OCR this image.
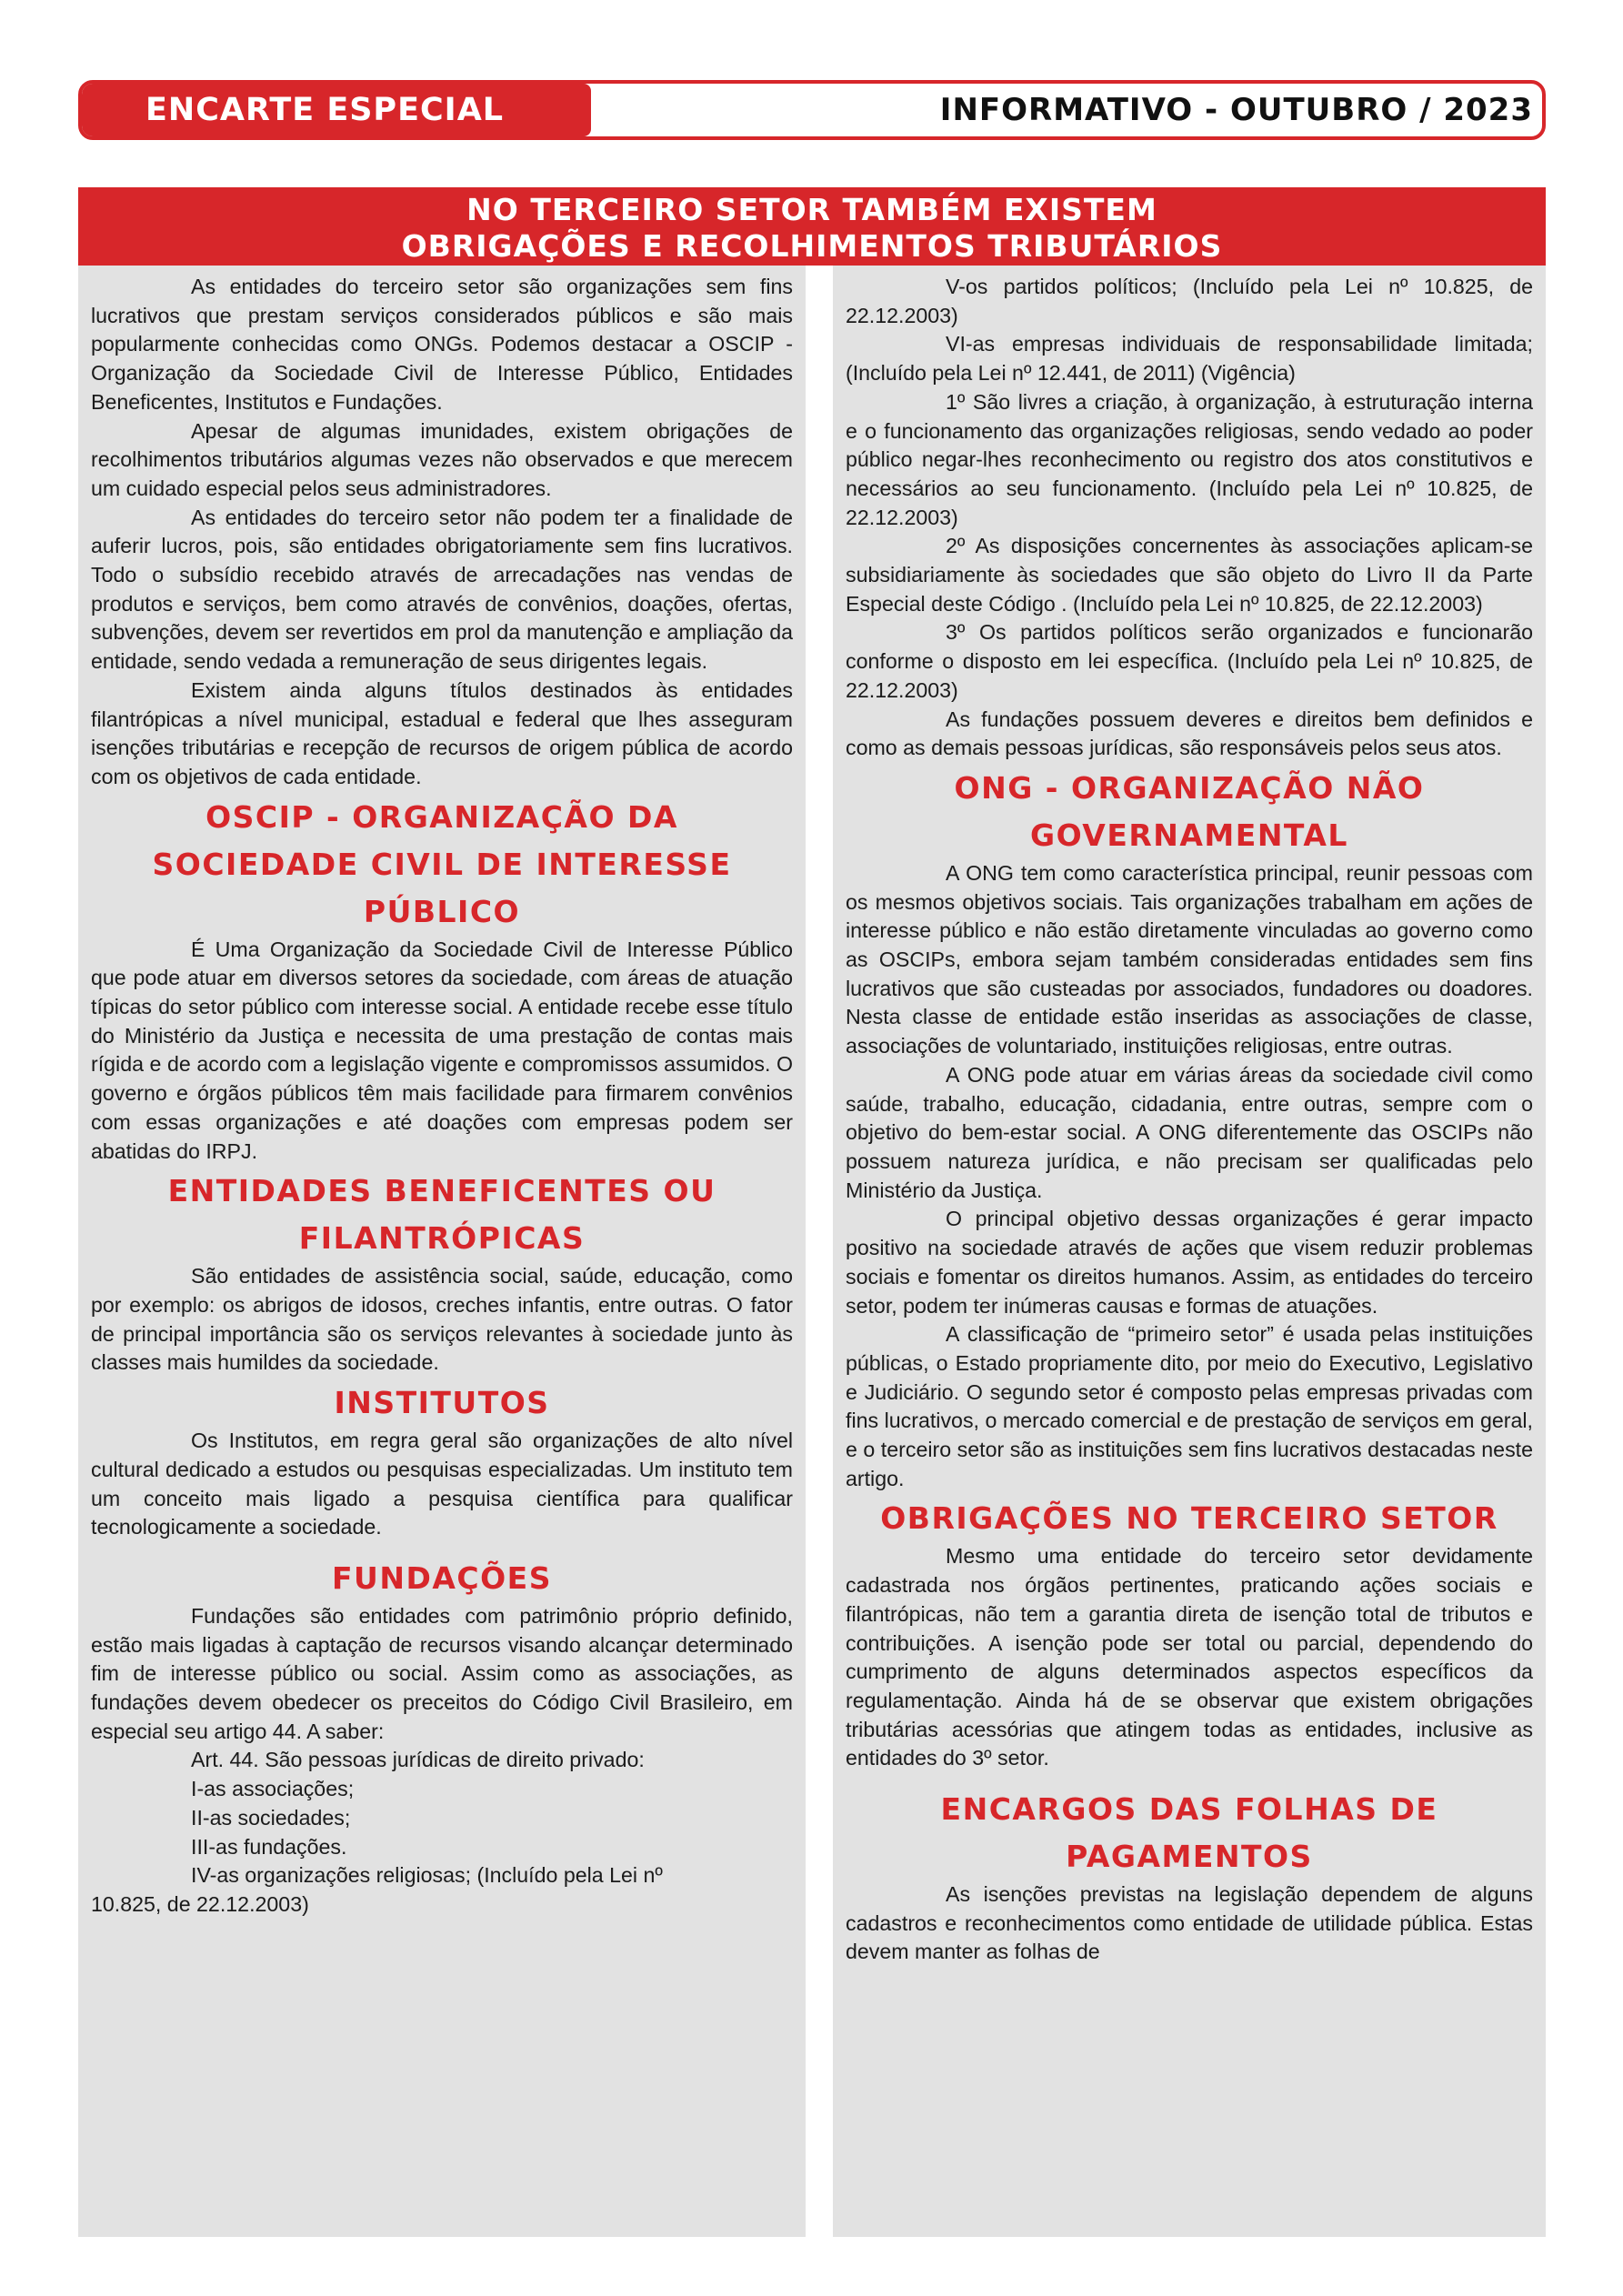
ENCARTE ESPECIAL	INFORMATIVO - OUTUBRO / 2023
NO TERCEIRO SETOR TAMBÉM EXISTEM
OBRIGAÇÕES E RECOLHIMENTOS TRIBUTÁRIOS

As entidades do terceiro setor são organizações sem fins lucrativos que prestam serviços considerados públicos e são mais popularmente conhecidas como ONGs. Podemos destacar a OSCIP - Organização da Sociedade Civil de Interesse Público, Entidades Beneficentes, Institutos e Fundações.

Apesar de algumas imunidades, existem obrigações de recolhimentos tributários algumas vezes não observados e que merecem um cuidado especial pelos seus administradores.

As entidades do terceiro setor não podem ter a finalidade de auferir lucros, pois, são entidades obrigatoriamente sem fins lucrativos. Todo o subsídio recebido através de arrecadações nas vendas de produtos e serviços, bem como através de convênios, doações, ofertas, subvenções, devem ser revertidos em prol da manutenção e ampliação da entidade, sendo vedada a remuneração de seus dirigentes legais.

Existem ainda alguns títulos destinados às entidades filantrópicas a nível municipal, estadual e federal que lhes asseguram isenções tributárias e recepção de recursos de origem pública de acordo com os objetivos de cada entidade.

OSCIP - ORGANIZAÇÃO DA
SOCIEDADE CIVIL DE INTERESSE
PÚBLICO

É Uma Organização da Sociedade Civil de Interesse Público que pode atuar em diversos setores da sociedade, com áreas de atuação típicas do setor público com interesse social. A entidade recebe esse título do Ministério da Justiça e necessita de uma prestação de contas mais rígida e de acordo com a legislação vigente e compromissos assumidos. O governo e órgãos públicos têm mais facilidade para firmarem convênios com essas organizações e até doações com empresas podem ser abatidas do IRPJ.

ENTIDADES BENEFICENTES OU
FILANTRÓPICAS

São entidades de assistência social, saúde, educação, como por exemplo: os abrigos de idosos, creches infantis, entre outras. O fator de principal importância são os serviços relevantes à sociedade junto às classes mais humildes da sociedade.

INSTITUTOS

Os Institutos, em regra geral são organizações de alto nível cultural dedicado a estudos ou pesquisas especializadas. Um instituto tem um conceito mais ligado a pesquisa científica para qualificar tecnologicamente a sociedade.

FUNDAÇÕES

Fundações são entidades com patrimônio próprio definido, estão mais ligadas à captação de recursos visando alcançar determinado fim de interesse público ou social. Assim como as associações, as fundações devem obedecer os preceitos do Código Civil Brasileiro, em especial seu artigo 44. A saber:

Art. 44. São pessoas jurídicas de direito privado:

I-as associações;

II-as sociedades;

III-as fundações.

IV-as organizações religiosas; (Incluído pela Lei nº

10.825, de 22.12.2003)

V-os partidos políticos; (Incluído pela Lei nº 10.825, de 22.12.2003)

VI-as empresas individuais de responsabilidade limitada; (Incluído pela Lei nº 12.441, de 2011) (Vigência)

1º São livres a criação, à organização, à estruturação interna e o funcionamento das organizações religiosas, sendo vedado ao poder público negar-lhes reconhecimento ou registro dos atos constitutivos e necessários ao seu funcionamento. (Incluído pela Lei nº 10.825, de 22.12.2003)

2º As disposições concernentes às associações aplicam-se subsidiariamente às sociedades que são objeto do Livro II da Parte Especial deste Código . (Incluído pela Lei nº 10.825, de 22.12.2003)

3º Os partidos políticos serão organizados e funcionarão conforme o disposto em lei específica. (Incluído pela Lei nº 10.825, de 22.12.2003)

As fundações possuem deveres e direitos bem definidos e como as demais pessoas jurídicas, são responsáveis pelos seus atos.

ONG - ORGANIZAÇÃO NÃO
GOVERNAMENTAL

A ONG tem como característica principal, reunir pessoas com os mesmos objetivos sociais. Tais organizações trabalham em ações de interesse público e não estão diretamente vinculadas ao governo como as OSCIPs, embora sejam também consideradas entidades sem fins lucrativos que são custeadas por associados, fundadores ou doadores. Nesta classe de entidade estão inseridas as associações de classe, associações de voluntariado, instituições religiosas, entre outras.

A ONG pode atuar em várias áreas da sociedade civil como saúde, trabalho, educação, cidadania, entre outras, sempre com o objetivo do bem-estar social. A ONG diferentemente das OSCIPs não possuem natureza jurídica, e não precisam ser qualificadas pelo Ministério da Justiça.

O principal objetivo dessas organizações é gerar impacto positivo na sociedade através de ações que visem reduzir problemas sociais e fomentar os direitos humanos. Assim, as entidades do terceiro setor, podem ter inúmeras causas e formas de atuações.

A classificação de “primeiro setor” é usada pelas instituições públicas, o Estado propriamente dito, por meio do Executivo, Legislativo e Judiciário. O segundo setor é composto pelas empresas privadas com fins lucrativos, o mercado comercial e de prestação de serviços em geral, e o terceiro setor são as instituições sem fins lucrativos destacadas neste artigo.

OBRIGAÇÕES NO TERCEIRO SETOR

Mesmo uma entidade do terceiro setor devidamente cadastrada nos órgãos pertinentes, praticando ações sociais e filantrópicas, não tem a garantia direta de isenção total de tributos e contribuições. A isenção pode ser total ou parcial, dependendo do cumprimento de alguns determinados aspectos específicos da regulamentação. Ainda há de se observar que existem obrigações tributárias acessórias que atingem todas as entidades, inclusive as entidades do 3º setor.

ENCARGOS DAS FOLHAS DE
PAGAMENTOS

As isenções previstas na legislação dependem de alguns cadastros e reconhecimentos como entidade de utilidade pública. Estas devem manter as folhas de
